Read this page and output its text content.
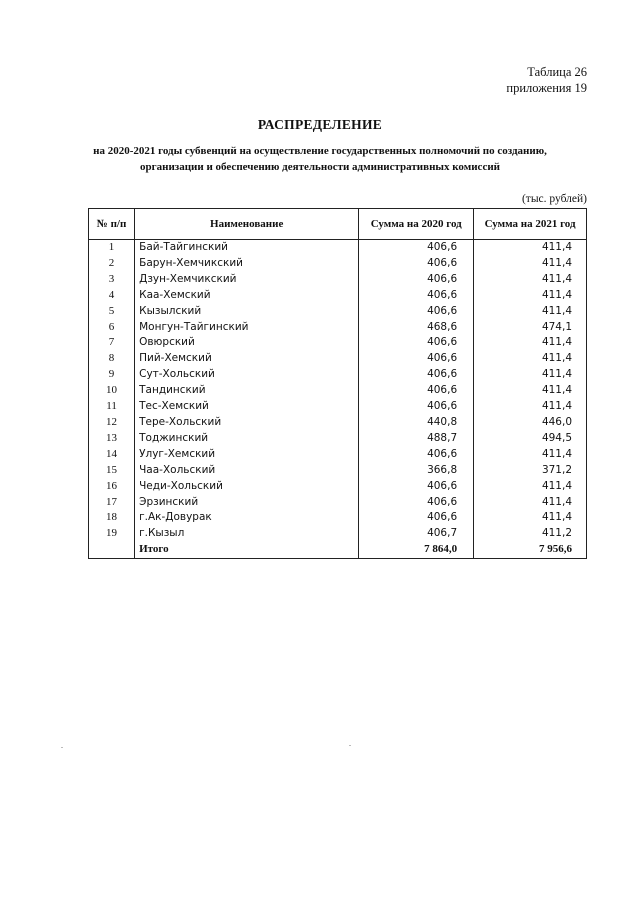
Таблица 26
приложения 19
РАСПРЕДЕЛЕНИЕ
на 2020-2021 годы субвенций на осуществление государственных полномочий по созданию,
организации и обеспечению деятельности административных комиссий
(тыс. рублей)
№ п/п	Наименование	Сумма на 2020 год	Сумма на 2021 год
1	Бай-Тайгинский	406,6	411,4
2	Барун-Хемчикский	406,6	411,4
3	Дзун-Хемчикский	406,6	411,4
4	Каа-Хемский	406,6	411,4
5	Кызылский	406,6	411,4
6	Монгун-Тайгинский	468,6	474,1
7	Овюрский	406,6	411,4
8	Пий-Хемский	406,6	411,4
9	Сут-Хольский	406,6	411,4
10	Тандинский	406,6	411,4
11	Тес-Хемский	406,6	411,4
12	Тере-Хольский	440,8	446,0
13	Тоджинский	488,7	494,5
14	Улуг-Хемский	406,6	411,4
15	Чаа-Хольский	366,8	371,2
16	Чеди-Хольский	406,6	411,4
17	Эрзинский	406,6	411,4
18	г.Ак-Довурак	406,6	411,4
19	г.Кызыл	406,7	411,2
	Итого	7 864,0	7 956,6
